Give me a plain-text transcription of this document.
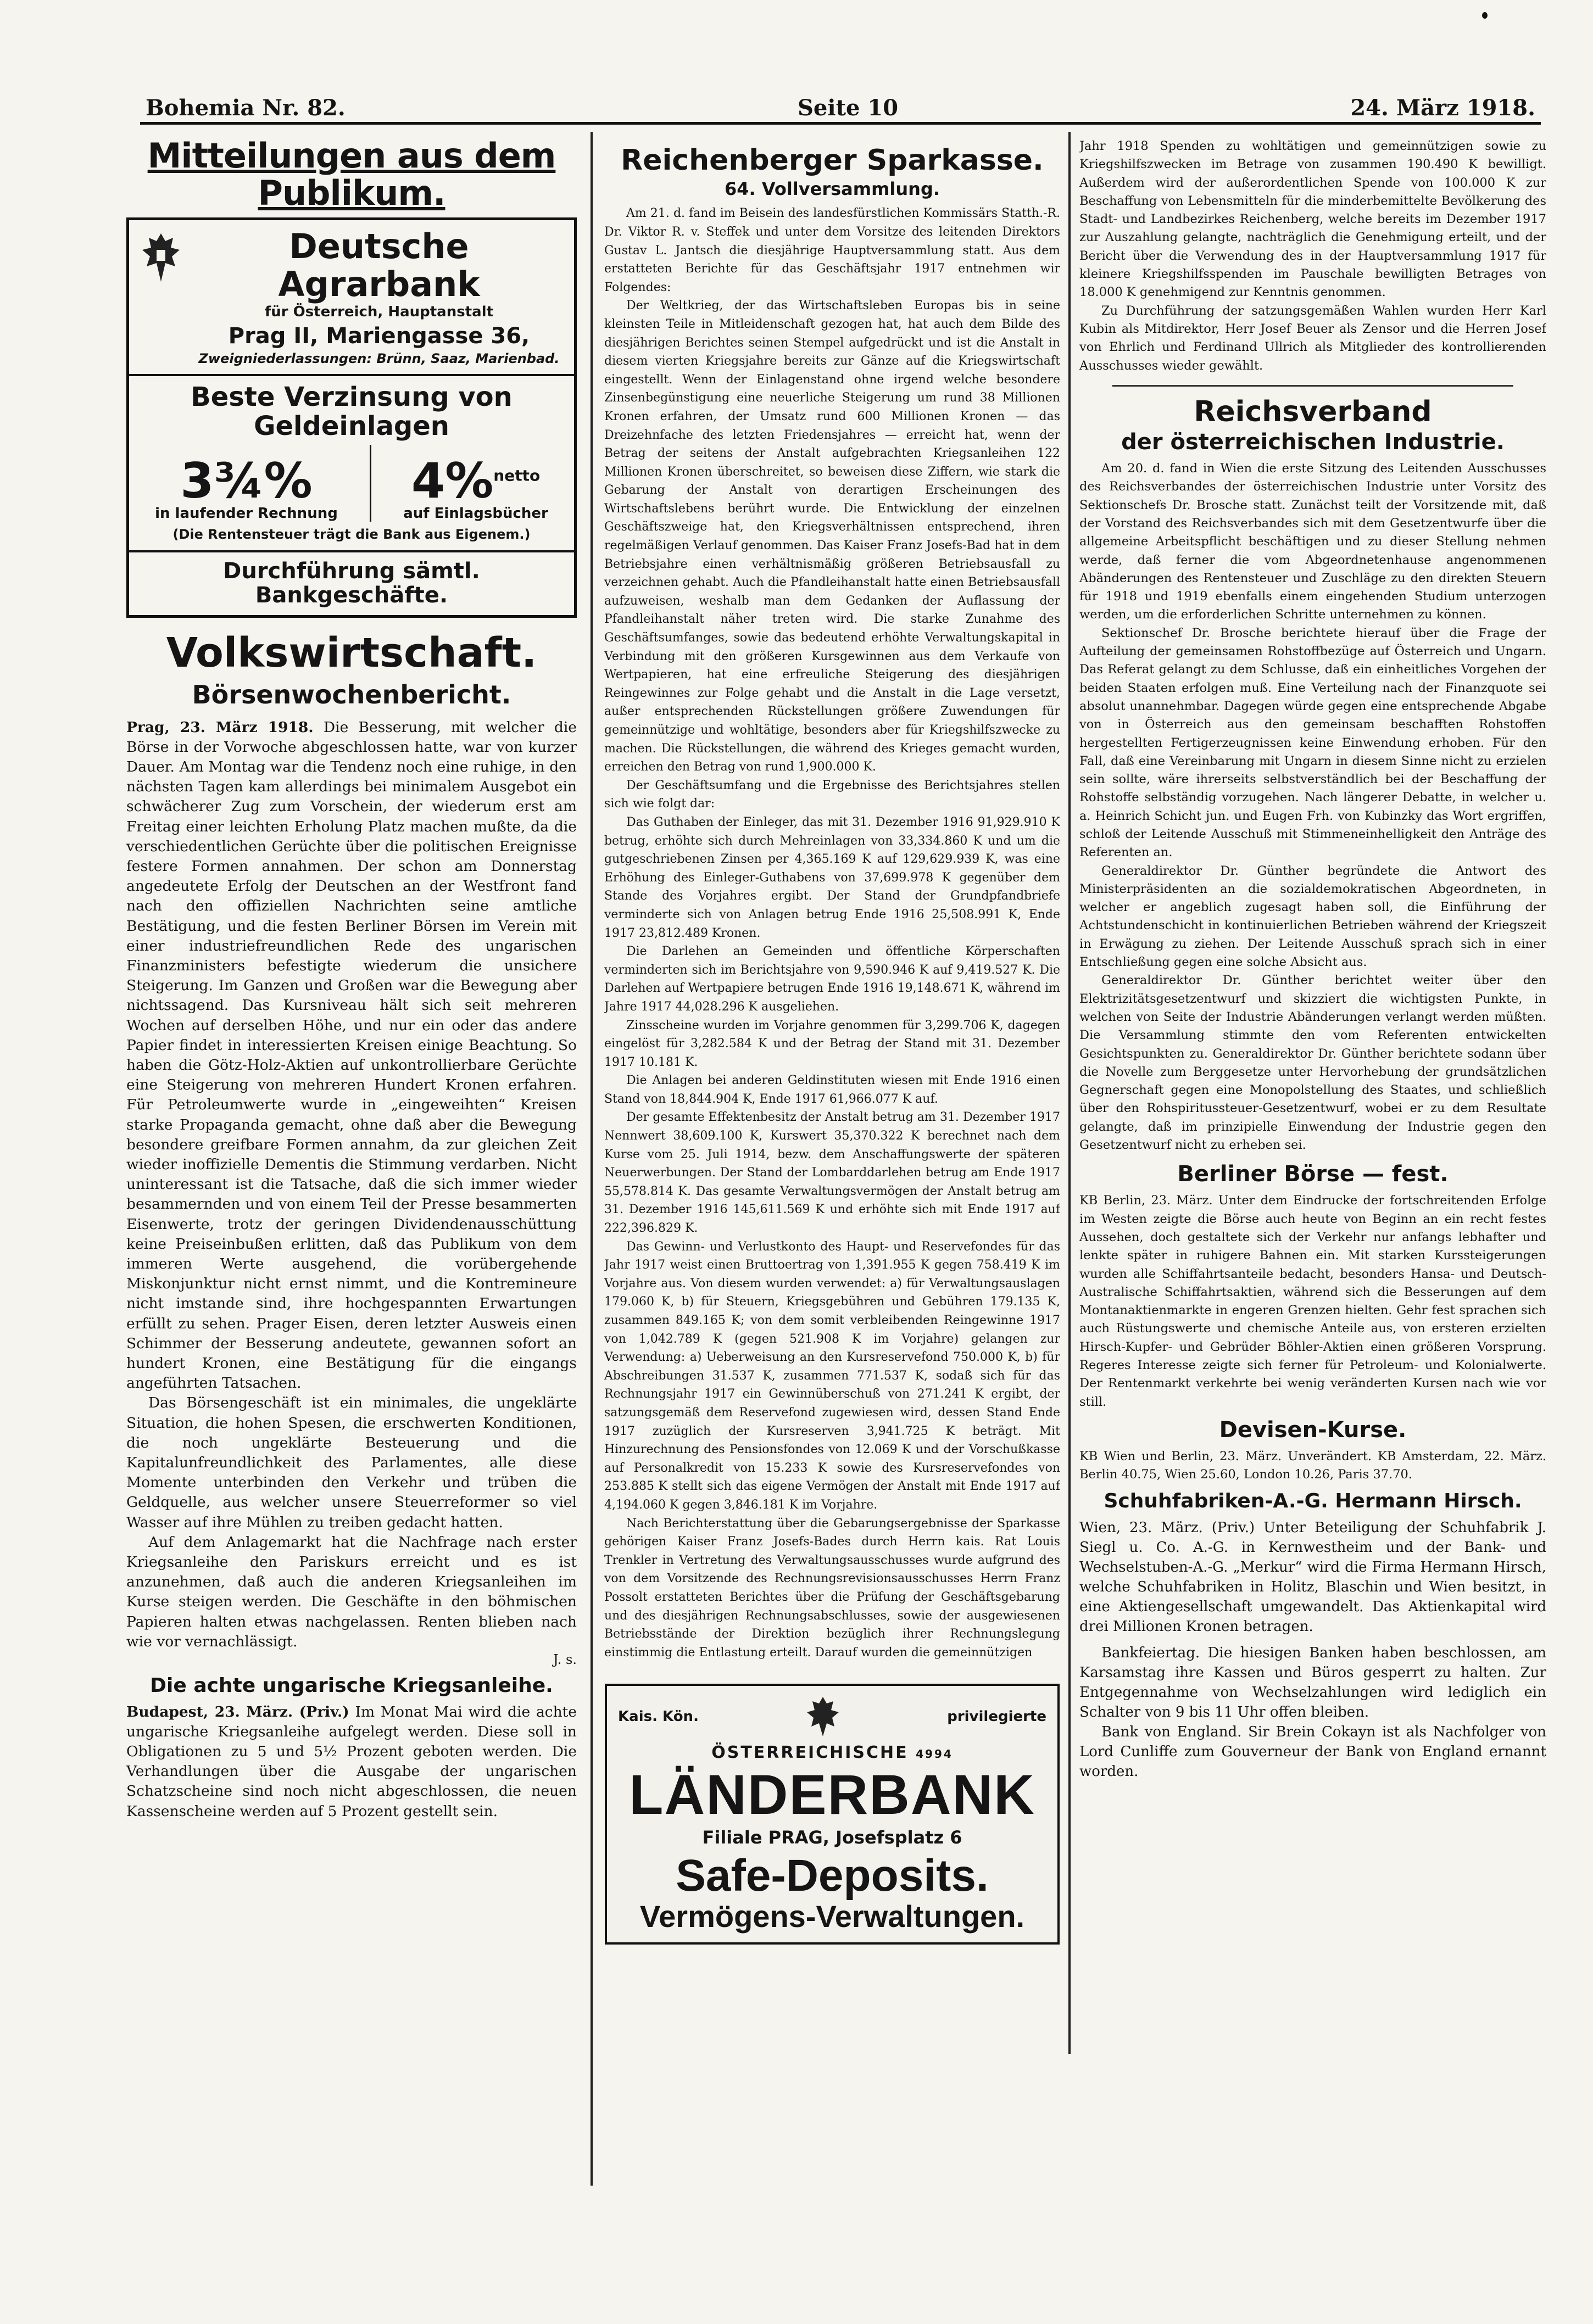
Bohemia Nr. 82.	Seite 10	24. März 1918.
Mitteilungen aus dem Publikum.
Deutsche Agrarbank
für Österreich, Hauptanstalt
Prag II, Mariengasse 36,
Zweigniederlassungen: Brünn, Saaz, Marienbad.
Beste Verzinsung von Geldeinlagen
3¾%
in laufender Rechnung
4%$^{netto}$
auf Einlagsbücher
(Die Rentensteuer trägt die Bank aus Eigenem.)
Durchführung sämtl. Bankgeschäfte.
Volkswirtschaft.
Börsenwochenbericht.

Prag, 23. März 1918. Die Besserung, mit welcher die Börse in der Vorwoche abgeschlossen hatte, war von kurzer Dauer. Am Montag war die Tendenz noch eine ruhige, in den nächsten Tagen kam allerdings bei minimalem Ausgebot ein schwächerer Zug zum Vorschein, der wiederum erst am Freitag einer leichten Erholung Platz machen mußte, da die verschiedentlichen Gerüchte über die politischen Ereignisse festere Formen annahmen. Der schon am Donnerstag angedeutete Erfolg der Deutschen an der Westfront fand nach den offiziellen Nachrichten seine amtliche Bestätigung, und die festen Berliner Börsen im Verein mit einer industriefreundlichen Rede des ungarischen Finanzministers befestigte wiederum die unsichere Steigerung. Im Ganzen und Großen war die Bewegung aber nichtssagend. Das Kursniveau hält sich seit mehreren Wochen auf derselben Höhe, und nur ein oder das andere Papier findet in interessierten Kreisen einige Beachtung. So haben die Götz-Holz-Aktien auf unkontrollierbare Gerüchte eine Steigerung von mehreren Hundert Kronen erfahren. Für Petroleumwerte wurde in „eingeweihten“ Kreisen starke Propaganda gemacht, ohne daß aber die Bewegung besondere greifbare Formen annahm, da zur gleichen Zeit wieder inoffizielle Dementis die Stimmung verdarben. Nicht uninteressant ist die Tatsache, daß die sich immer wieder besammernden und von einem Teil der Presse besammerten Eisenwerte, trotz der geringen Dividendenausschüttung keine Preiseinbußen erlitten, daß das Publikum von dem immeren Werte ausgehend, die vorübergehende Miskonjunktur nicht ernst nimmt, und die Kontremineure nicht imstande sind, ihre hochgespannten Erwartungen erfüllt zu sehen. Prager Eisen, deren letzter Ausweis einen Schimmer der Besserung andeutete, gewannen sofort an hundert Kronen, eine Bestätigung für die eingangs angeführten Tatsachen.

Das Börsengeschäft ist ein minimales, die ungeklärte Situation, die hohen Spesen, die erschwerten Konditionen, die noch ungeklärte Besteuerung und die Kapitalunfreundlichkeit des Parlamentes, alle diese Momente unterbinden den Verkehr und trüben die Geldquelle, aus welcher unsere Steuerreformer so viel Wasser auf ihre Mühlen zu treiben gedacht hatten.

Auf dem Anlagemarkt hat die Nachfrage nach erster Kriegsanleihe den Pariskurs erreicht und es ist anzunehmen, daß auch die anderen Kriegsanleihen im Kurse steigen werden. Die Geschäfte in den böhmischen Papieren halten etwas nachgelassen. Renten blieben nach wie vor vernachlässigt.

J. s.

Die achte ungarische Kriegsanleihe.

Budapest, 23. März. (Priv.) Im Monat Mai wird die achte ungarische Kriegsanleihe aufgelegt werden. Diese soll in Obligationen zu 5 und 5½ Prozent geboten werden. Die Verhandlungen über die Ausgabe der ungarischen Schatzscheine sind noch nicht abgeschlossen, die neuen Kassenscheine werden auf 5 Prozent gestellt sein.

Reichenberger Sparkasse.
64. Vollversammlung.

Am 21. d. fand im Beisein des landesfürstlichen Kommissärs Statth.-R. Dr. Viktor R. v. Steffek und unter dem Vorsitze des leitenden Direktors Gustav L. Jantsch die diesjährige Hauptversammlung statt. Aus dem erstatteten Berichte für das Geschäftsjahr 1917 entnehmen wir Folgendes:

Der Weltkrieg, der das Wirtschaftsleben Europas bis in seine kleinsten Teile in Mitleidenschaft gezogen hat, hat auch dem Bilde des diesjährigen Berichtes seinen Stempel aufgedrückt und ist die Anstalt in diesem vierten Kriegsjahre bereits zur Gänze auf die Kriegswirtschaft eingestellt. Wenn der Einlagenstand ohne irgend welche besondere Zinsenbegünstigung eine neuerliche Steigerung um rund 38 Millionen Kronen erfahren, der Umsatz rund 600 Millionen Kronen — das Dreizehnfache des letzten Friedensjahres — erreicht hat, wenn der Betrag der seitens der Anstalt aufgebrachten Kriegsanleihen 122 Millionen Kronen überschreitet, so beweisen diese Ziffern, wie stark die Gebarung der Anstalt von derartigen Erscheinungen des Wirtschaftslebens berührt wurde. Die Entwicklung der einzelnen Geschäftszweige hat, den Kriegsverhältnissen entsprechend, ihren regelmäßigen Verlauf genommen. Das Kaiser Franz Josefs-Bad hat in dem Betriebsjahre einen verhältnismäßig größeren Betriebsausfall zu verzeichnen gehabt. Auch die Pfandleihanstalt hatte einen Betriebsausfall aufzuweisen, weshalb man dem Gedanken der Auflassung der Pfandleihanstalt näher treten wird. Die starke Zunahme des Geschäftsumfanges, sowie das bedeutend erhöhte Verwaltungskapital in Verbindung mit den größeren Kursgewinnen aus dem Verkaufe von Wertpapieren, hat eine erfreuliche Steigerung des diesjährigen Reingewinnes zur Folge gehabt und die Anstalt in die Lage versetzt, außer entsprechenden Rückstellungen größere Zuwendungen für gemeinnützige und wohltätige, besonders aber für Kriegshilfszwecke zu machen. Die Rückstellungen, die während des Krieges gemacht wurden, erreichen den Betrag von rund 1,900.000 K.

Der Geschäftsumfang und die Ergebnisse des Berichtsjahres stellen sich wie folgt dar:

Das Guthaben der Einleger, das mit 31. Dezember 1916 91,929.910 K betrug, erhöhte sich durch Mehreinlagen von 33,334.860 K und um die gutgeschriebenen Zinsen per 4,365.169 K auf 129,629.939 K, was eine Erhöhung des Einleger-Guthabens von 37,699.978 K gegenüber dem Stande des Vorjahres ergibt. Der Stand der Grundpfandbriefe verminderte sich von Anlagen betrug Ende 1916 25,508.991 K, Ende 1917 23,812.489 Kronen.

Die Darlehen an Gemeinden und öffentliche Körperschaften verminderten sich im Berichtsjahre von 9,590.946 K auf 9,419.527 K. Die Darlehen auf Wertpapiere betrugen Ende 1916 19,148.671 K, während im Jahre 1917 44,028.296 K ausgeliehen.

Zinsscheine wurden im Vorjahre genommen für 3,299.706 K, dagegen eingelöst für 3,282.584 K und der Betrag der Stand mit 31. Dezember 1917 10.181 K.

Die Anlagen bei anderen Geldinstituten wiesen mit Ende 1916 einen Stand von 18,844.904 K, Ende 1917 61,966.077 K auf.

Der gesamte Effektenbesitz der Anstalt betrug am 31. Dezember 1917 Nennwert 38,609.100 K, Kurswert 35,370.322 K berechnet nach dem Kurse vom 25. Juli 1914, bezw. dem Anschaffungswerte der späteren Neuerwerbungen. Der Stand der Lombarddarlehen betrug am Ende 1917 55,578.814 K. Das gesamte Verwaltungsvermögen der Anstalt betrug am 31. Dezember 1916 145,611.569 K und erhöhte sich mit Ende 1917 auf 222,396.829 K.

Das Gewinn- und Verlustkonto des Haupt- und Reservefondes für das Jahr 1917 weist einen Bruttoertrag von 1,391.955 K gegen 758.419 K im Vorjahre aus. Von diesem wurden verwendet: a) für Verwaltungsauslagen 179.060 K, b) für Steuern, Kriegsgebühren und Gebühren 179.135 K, zusammen 849.165 K; von dem somit verbleibenden Reingewinne 1917 von 1,042.789 K (gegen 521.908 K im Vorjahre) gelangen zur Verwendung: a) Ueberweisung an den Kursreservefond 750.000 K, b) für Abschreibungen 31.537 K, zusammen 771.537 K, sodaß sich für das Rechnungsjahr 1917 ein Gewinnüberschuß von 271.241 K ergibt, der satzungsgemäß dem Reservefond zugewiesen wird, dessen Stand Ende 1917 zuzüglich der Kursreserven 3,941.725 K beträgt. Mit Hinzurechnung des Pensionsfondes von 12.069 K und der Vorschußkasse auf Personalkredit von 15.233 K sowie des Kursreservefondes von 253.885 K stellt sich das eigene Vermögen der Anstalt mit Ende 1917 auf 4,194.060 K gegen 3,846.181 K im Vorjahre.

Nach Berichterstattung über die Gebarungsergebnisse der Sparkasse gehörigen Kaiser Franz Josefs-Bades durch Herrn kais. Rat Louis Trenkler in Vertretung des Verwaltungsausschusses wurde aufgrund des von dem Vorsitzende des Rechnungsrevisionsausschusses Herrn Franz Possolt erstatteten Berichtes über die Prüfung der Geschäftsgebarung und des diesjährigen Rechnungsabschlusses, sowie der ausgewiesenen Betriebsstände der Direktion bezüglich ihrer Rechnungslegung einstimmig die Entlastung erteilt. Darauf wurden die gemeinnützigen

Kais. Kön.	privilegierte
ÖSTERREICHISCHE 4994
LÄNDERBANK
Filiale PRAG, Josefsplatz 6
Safe-Deposits.
Vermögens-Verwaltungen.

Jahr 1918 Spenden zu wohltätigen und gemeinnützigen sowie zu Kriegshilfszwecken im Betrage von zusammen 190.490 K bewilligt. Außerdem wird der außerordentlichen Spende von 100.000 K zur Beschaffung von Lebensmitteln für die minderbemittelte Bevölkerung des Stadt- und Landbezirkes Reichenberg, welche bereits im Dezember 1917 zur Auszahlung gelangte, nachträglich die Genehmigung erteilt, und der Bericht über die Verwendung des in der Hauptversammlung 1917 für kleinere Kriegshilfsspenden im Pauschale bewilligten Betrages von 18.000 K genehmigend zur Kenntnis genommen.

Zu Durchführung der satzungsgemäßen Wahlen wurden Herr Karl Kubin als Mitdirektor, Herr Josef Beuer als Zensor und die Herren Josef von Ehrlich und Ferdinand Ullrich als Mitglieder des kontrollierenden Ausschusses wieder gewählt.

Reichsverband
der österreichischen Industrie.

Am 20. d. fand in Wien die erste Sitzung des Leitenden Ausschusses des Reichsverbandes der österreichischen Industrie unter Vorsitz des Sektionschefs Dr. Brosche statt. Zunächst teilt der Vorsitzende mit, daß der Vorstand des Reichsverbandes sich mit dem Gesetzentwurfe über die allgemeine Arbeitspflicht beschäftigen und zu dieser Stellung nehmen werde, daß ferner die vom Abgeordnetenhause angenommenen Abänderungen des Rentensteuer und Zuschläge zu den direkten Steuern für 1918 und 1919 ebenfalls einem eingehenden Studium unterzogen werden, um die erforderlichen Schritte unternehmen zu können.

Sektionschef Dr. Brosche berichtete hierauf über die Frage der Aufteilung der gemeinsamen Rohstoffbezüge auf Österreich und Ungarn. Das Referat gelangt zu dem Schlusse, daß ein einheitliches Vorgehen der beiden Staaten erfolgen muß. Eine Verteilung nach der Finanzquote sei absolut unannehmbar. Dagegen würde gegen eine entsprechende Abgabe von in Österreich aus den gemeinsam beschafften Rohstoffen hergestellten Fertigerzeugnissen keine Einwendung erhoben. Für den Fall, daß eine Vereinbarung mit Ungarn in diesem Sinne nicht zu erzielen sein sollte, wäre ihrerseits selbstverständlich bei der Beschaffung der Rohstoffe selbständig vorzugehen. Nach längerer Debatte, in welcher u. a. Heinrich Schicht jun. und Eugen Frh. von Kubinzky das Wort ergriffen, schloß der Leitende Ausschuß mit Stimmeneinhelligkeit den Anträge des Referenten an.

Generaldirektor Dr. Günther begründete die Antwort des Ministerpräsidenten an die sozialdemokratischen Abgeordneten, in welcher er angeblich zugesagt haben soll, die Einführung der Achtstundenschicht in kontinuierlichen Betrieben während der Kriegszeit in Erwägung zu ziehen. Der Leitende Ausschuß sprach sich in einer Entschließung gegen eine solche Absicht aus.

Generaldirektor Dr. Günther berichtet weiter über den Elektrizitätsgesetzentwurf und skizziert die wichtigsten Punkte, in welchen von Seite der Industrie Abänderungen verlangt werden müßten. Die Versammlung stimmte den vom Referenten entwickelten Gesichtspunkten zu. Generaldirektor Dr. Günther berichtete sodann über die Novelle zum Berggesetze unter Hervorhebung der grundsätzlichen Gegnerschaft gegen eine Monopolstellung des Staates, und schließlich über den Rohspiritussteuer-Gesetzentwurf, wobei er zu dem Resultate gelangte, daß im prinzipielle Einwendung der Industrie gegen den Gesetzentwurf nicht zu erheben sei.

Berliner Börse — fest.

KB Berlin, 23. März. Unter dem Eindrucke der fortschreitenden Erfolge im Westen zeigte die Börse auch heute von Beginn an ein recht festes Aussehen, doch gestaltete sich der Verkehr nur anfangs lebhafter und lenkte später in ruhigere Bahnen ein. Mit starken Kurssteigerungen wurden alle Schiffahrtsanteile bedacht, besonders Hansa- und Deutsch-Australische Schiffahrtsaktien, während sich die Besserungen auf dem Montanaktienmarkte in engeren Grenzen hielten. Gehr fest sprachen sich auch Rüstungswerte und chemische Anteile aus, von ersteren erzielten Hirsch-Kupfer- und Gebrüder Böhler-Aktien einen größeren Vorsprung. Regeres Interesse zeigte sich ferner für Petroleum- und Kolonialwerte. Der Rentenmarkt verkehrte bei wenig veränderten Kursen nach wie vor still.

Devisen-Kurse.

KB Wien und Berlin, 23. März. Unverändert. KB Amsterdam, 22. März. Berlin 40.75, Wien 25.60, London 10.26, Paris 37.70.

Schuhfabriken-A.-G. Hermann Hirsch.

Wien, 23. März. (Priv.) Unter Beteiligung der Schuhfabrik J. Siegl u. Co. A.-G. in Kernwestheim und der Bank- und Wechselstuben-A.-G. „Merkur“ wird die Firma Hermann Hirsch, welche Schuhfabriken in Holitz, Blaschin und Wien besitzt, in eine Aktiengesellschaft umgewandelt. Das Aktienkapital wird drei Millionen Kronen betragen.

Bankfeiertag. Die hiesigen Banken haben beschlossen, am Karsamstag ihre Kassen und Büros gesperrt zu halten. Zur Entgegennahme von Wechselzahlungen wird lediglich ein Schalter von 9 bis 11 Uhr offen bleiben.

Bank von England. Sir Brein Cokayn ist als Nachfolger von Lord Cunliffe zum Gouverneur der Bank von England ernannt worden.
